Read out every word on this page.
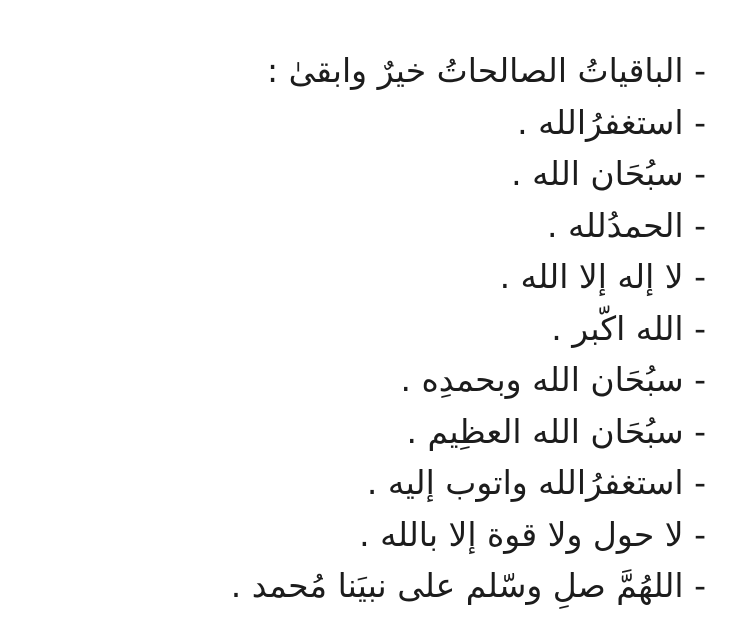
- الباقياتُ الصالحاتُ خيرٌ وابقىٰ :
- استغفرُالله .
- سبُحَان الله .
- الحمدُلله .
- لا إله إلا الله .
- الله اكّبر .
- سبُحَان الله وبحمدِه .
- سبُحَان الله العظِيم .
- استغفرُالله واتوب إليه .
- لا حول ولا قوة إلا بالله .
- اللهُمَّ صلِ وسّلم على نبيَنا مُحمد .
